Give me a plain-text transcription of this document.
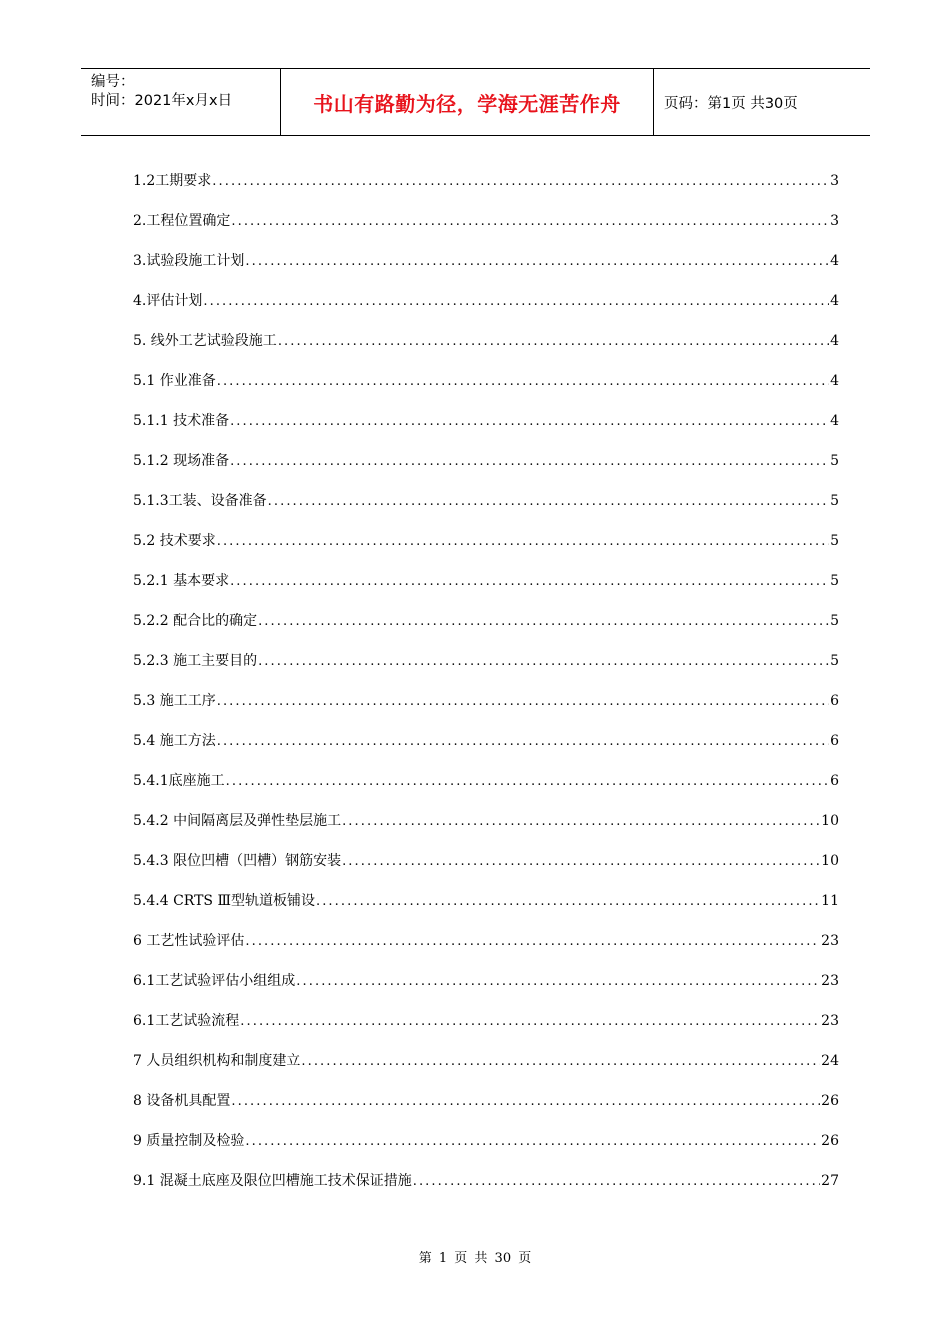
编号：
时间：2021年x月x日	书山有路勤为径，学海无涯苦作舟	页码：第1页 共30页
1.2工期要求 .....	3
2.工程位置确定 .....	3
3.试验段施工计划 .....	4
4.评估计划 .....	4
5. 线外工艺试验段施工 .....	4
5.1 作业准备 .....	4
5.1.1 技术准备 .....	4
5.1.2 现场准备 .....	5
5.1.3工装、设备准备 .....	5
5.2 技术要求 .....	5
5.2.1 基本要求 .....	5
5.2.2 配合比的确定 .....	5
5.2.3 施工主要目的 .....	5
5.3 施工工序 .....	6
5.4 施工方法 .....	6
5.4.1底座施工 .....	6
5.4.2 中间隔离层及弹性垫层施工 .....	10
5.4.3 限位凹槽（凹槽）钢筋安装 .....	10
5.4.4 CRTS Ⅲ型轨道板铺设 .....	11
6 工艺性试验评估 .....	23
6.1工艺试验评估小组组成 .....	23
6.1工艺试验流程 .....	23
7 人员组织机构和制度建立 .....	24
8 设备机具配置 .....	26
9 质量控制及检验 .....	26
9.1 混凝土底座及限位凹槽施工技术保证措施 .....	27
第 1 页 共 30 页
